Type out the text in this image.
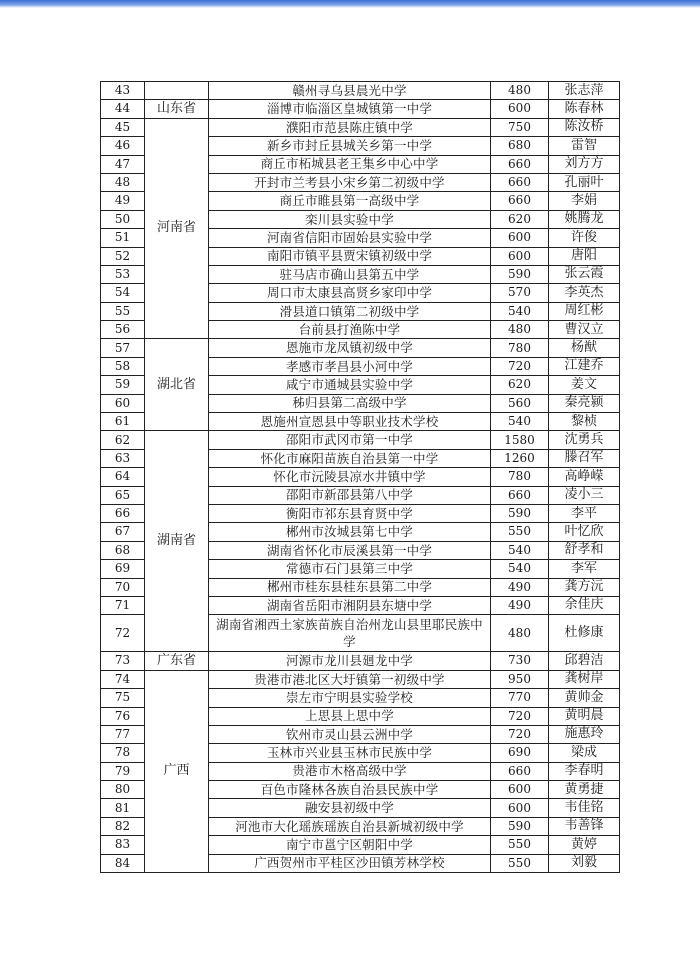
43		赣州寻乌县晨光中学	480	张志萍
44	山东省	淄博市临淄区皇城镇第一中学	600	陈春林
45	河南省	濮阳市范县陈庄镇中学	750	陈汝桥
46		新乡市封丘县城关乡第一中学	680	雷智
47		商丘市柘城县老王集乡中心中学	660	刘方方
48		开封市兰考县小宋乡第二初级中学	660	孔丽叶
49		商丘市睢县第一高级中学	660	李娟
50		栾川县实验中学	620	姚腾龙
51		河南省信阳市固始县实验中学	600	许俊
52		南阳市镇平县贾宋镇初级中学	600	唐阳
53		驻马店市确山县第五中学	590	张云霞
54		周口市太康县高贤乡家印中学	570	李英杰
55		滑县道口镇第二初级中学	540	周红彬
56		台前县打渔陈中学	480	曹汉立
57	湖北省	恩施市龙凤镇初级中学	780	杨猷
58		孝感市孝昌县小河中学	720	江建乔
59		咸宁市通城县实验中学	620	姜文
60		秭归县第二高级中学	560	秦亮颍
61		恩施州宣恩县中等职业技术学校	540	黎桢
62	湖南省	邵阳市武冈市第一中学	1580	沈勇兵
63		怀化市麻阳苗族自治县第一中学	1260	滕召军
64		怀化市沅陵县凉水井镇中学	780	高峥嵘
65		邵阳市新邵县第八中学	660	凌小三
66		衡阳市祁东县育贤中学	590	李平
67		郴州市汝城县第七中学	550	叶忆欣
68		湖南省怀化市辰溪县第一中学	540	舒孝和
69		常德市石门县第三中学	540	李军
70		郴州市桂东县桂东县第二中学	490	龚方沅
71		湖南省岳阳市湘阴县东塘中学	490	余佳庆
72		湖南省湘西土家族苗族自治州龙山县里耶民族中学	480	杜修康
73	广东省	河源市龙川县廻龙中学	730	邱碧洁
74	广西	贵港市港北区大圩镇第一初级中学	950	龚树岸
75		崇左市宁明县实验学校	770	黄帅金
76		上思县上思中学	720	黄明晨
77		钦州市灵山县云洲中学	720	施惠玲
78		玉林市兴业县玉林市民族中学	690	梁成
79		贵港市木格高级中学	660	李春明
80		百色市隆林各族自治县民族中学	600	黄勇捷
81		融安县初级中学	600	韦佳铭
82		河池市大化瑶族瑶族自治县新城初级中学	590	韦善锋
83		南宁市邕宁区朝阳中学	550	黄婷
84		广西贺州市平桂区沙田镇芳林学校	550	刘毅
